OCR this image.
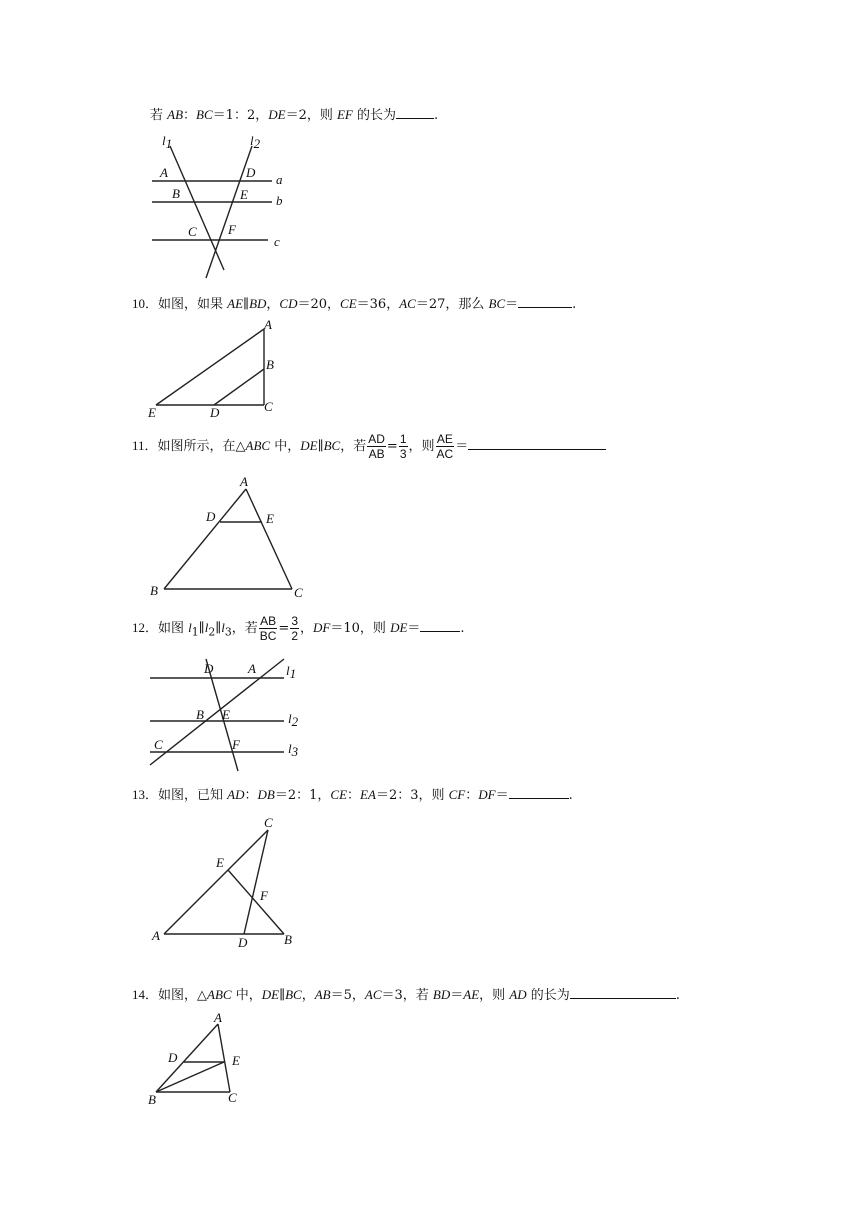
若 AB：BC＝1：2，DE＝2，则 EF 的长为	.
l1	l2
A	D a
B	E b
C F
c
10．如图，如果 AE∥BD，CD＝20，CE＝36，AC＝27，那么 BC＝	.
A
B
E	D	C
11．如图所示，在△ABC 中，DE∥BC，若 $\frac{AD}{AB} = \frac{1}{3}$ ，则 $\frac{AE}{AC}$ ＝
A
D	E
B	C
12．如图 $l_1\parallel l_2\parallel l_3$，若 $\frac{AB}{BC} = \frac{3}{2}$ ，DF＝10，则 DE＝	.
D	A l1
B E	l2
C	F	l3
13．如图，已知 AD：DB＝2：1，CE：EA＝2：3，则 CF：DF＝	.
C
E
F
A	D	B
14．如图，△ABC 中，DE∥BC，AB＝5，AC＝3，若 BD＝AE，则 AD 的长为	.
A
D	E
B	C
